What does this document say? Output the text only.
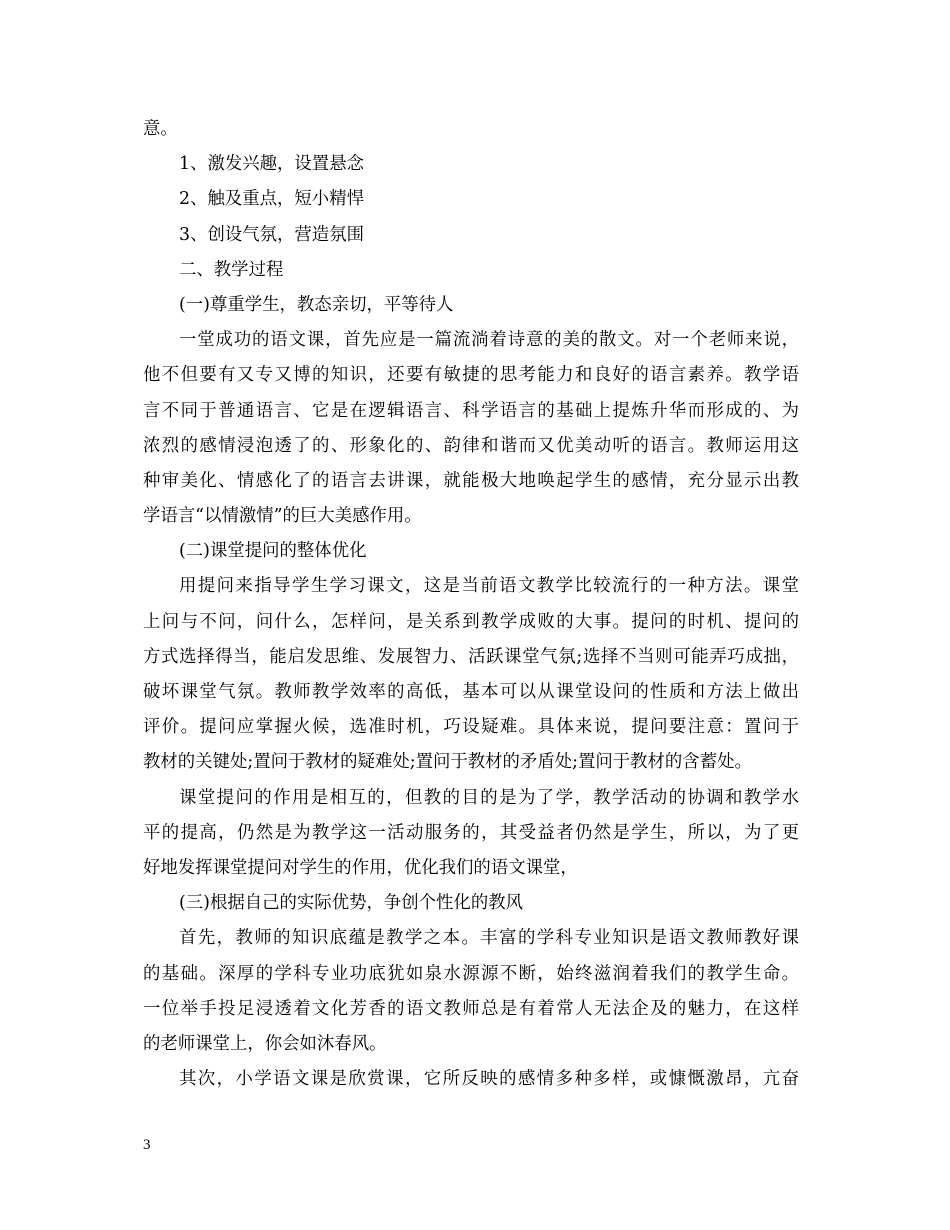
意。
1、激发兴趣，设置悬念
2、触及重点，短小精悍
3、创设气氛，营造氛围
二、教学过程
(一)尊重学生，教态亲切，平等待人
一堂成功的语文课，首先应是一篇流淌着诗意的美的散文。对一个老师来说，
他不但要有又专又博的知识，还要有敏捷的思考能力和良好的语言素养。教学语
言不同于普通语言、它是在逻辑语言、科学语言的基础上提炼升华而形成的、为
浓烈的感情浸泡透了的、形象化的、韵律和谐而又优美动听的语言。教师运用这
种审美化、情感化了的语言去讲课，就能极大地唤起学生的感情，充分显示出教
学语言“以情激情”的巨大美感作用。
(二)课堂提问的整体优化
用提问来指导学生学习课文，这是当前语文教学比较流行的一种方法。课堂
上问与不问，问什么，怎样问，是关系到教学成败的大事。提问的时机、提问的
方式选择得当，能启发思维、发展智力、活跃课堂气氛;选择不当则可能弄巧成拙，
破坏课堂气氛。教师教学效率的高低，基本可以从课堂设问的性质和方法上做出
评价。提问应掌握火候，选准时机，巧设疑难。具体来说，提问要注意：置问于
教材的关键处;置问于教材的疑难处;置问于教材的矛盾处;置问于教材的含蓄处。
课堂提问的作用是相互的，但教的目的是为了学，教学活动的协调和教学水
平的提高，仍然是为教学这一活动服务的，其受益者仍然是学生，所以，为了更
好地发挥课堂提问对学生的作用，优化我们的语文课堂，
(三)根据自己的实际优势，争创个性化的教风
首先，教师的知识底蕴是教学之本。丰富的学科专业知识是语文教师教好课
的基础。深厚的学科专业功底犹如泉水源源不断，始终滋润着我们的教学生命。
一位举手投足浸透着文化芳香的语文教师总是有着常人无法企及的魅力，在这样
的老师课堂上，你会如沐春风。
其次，小学语文课是欣赏课，它所反映的感情多种多样，或慷慨激昂，亢奋
3
